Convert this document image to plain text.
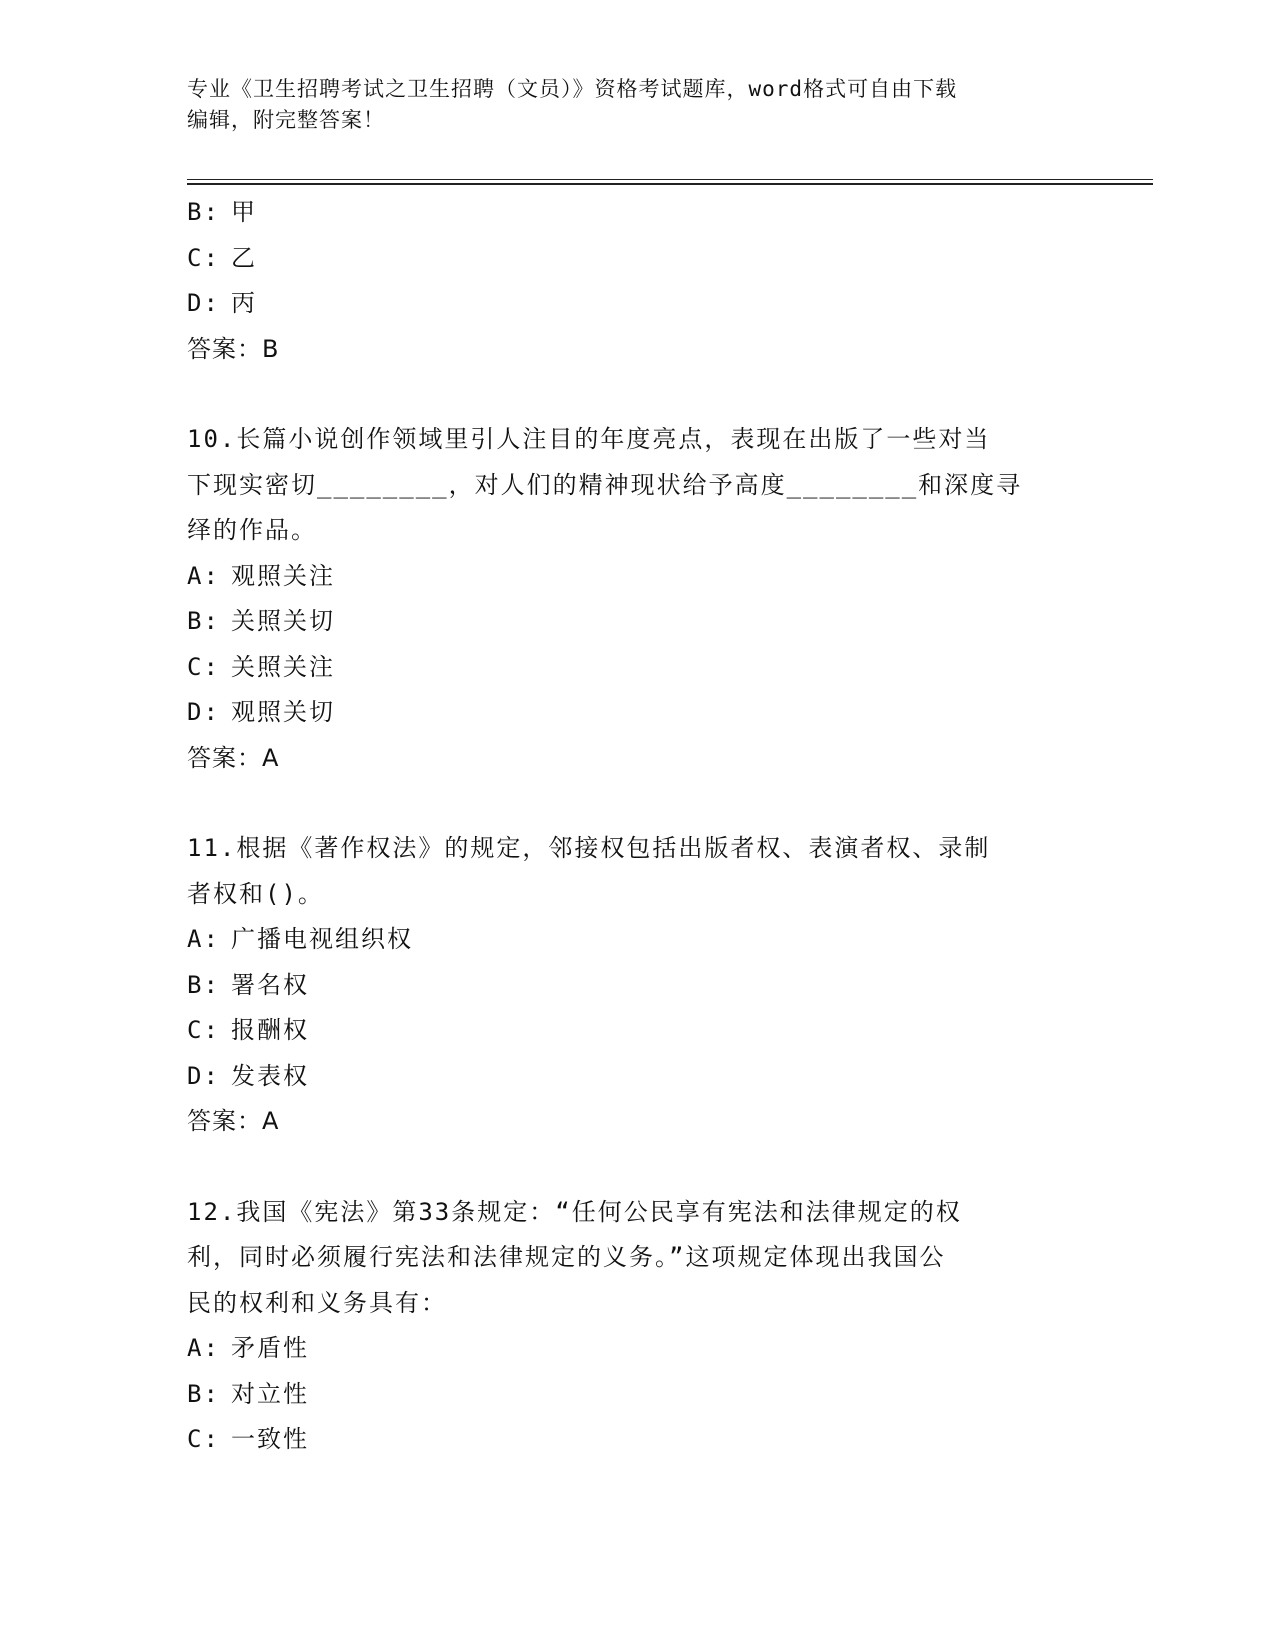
专业《卫生招聘考试之卫生招聘（文员）》资格考试题库，word格式可自由下载
编辑，附完整答案！
B: 甲
C: 乙
D: 丙
答案：B
10.长篇小说创作领域里引人注目的年度亮点，表现在出版了一些对当
下现实密切________，对人们的精神现状给予高度________和深度寻
绎的作品。
A: 观照关注
B: 关照关切
C: 关照关注
D: 观照关切
答案：A
11.根据《著作权法》的规定，邻接权包括出版者权、表演者权、录制
者权和()。
A: 广播电视组织权
B: 署名权
C: 报酬权
D: 发表权
答案：A
12.我国《宪法》第33条规定：“任何公民享有宪法和法律规定的权
利，同时必须履行宪法和法律规定的义务。”这项规定体现出我国公
民的权利和义务具有：
A: 矛盾性
B: 对立性
C: 一致性
